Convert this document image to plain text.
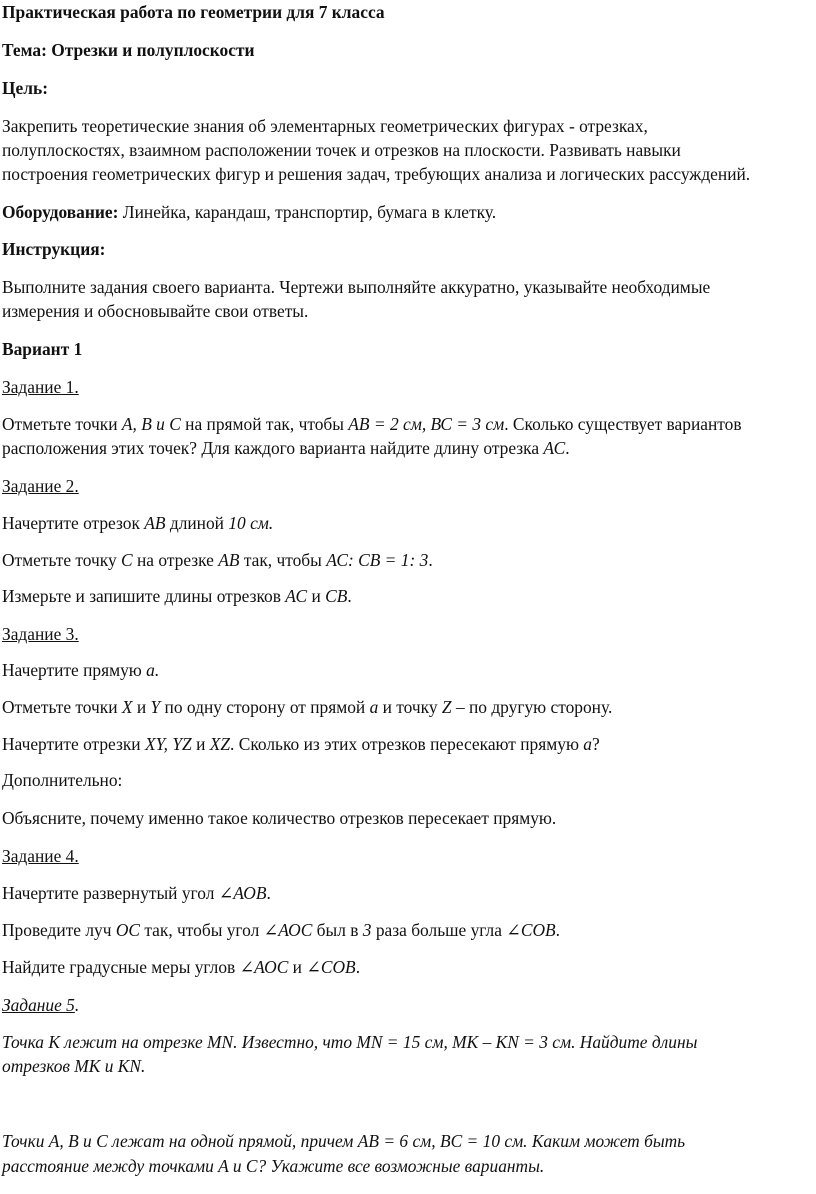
Практическая работа по геометрии для 7 класса
Тема: Отрезки и полуплоскости
Цель:
Закрепить теоретические знания об элементарных геометрических фигурах - отрезках,
полуплоскостях, взаимном расположении точек и отрезков на плоскости. Развивать навыки
построения геометрических фигур и решения задач, требующих анализа и логических рассуждений.
Оборудование: Линейка, карандаш, транспортир, бумага в клетку.
Инструкция:
Выполните задания своего варианта. Чертежи выполняйте аккуратно, указывайте необходимые
измерения и обосновывайте свои ответы.
Вариант 1
Задание 1.
Отметьте точки А, В и С на прямой так, чтобы АВ = 2 см, ВС = 3 см. Сколько существует вариантов
расположения этих точек? Для каждого варианта найдите длину отрезка АС.
Задание 2.
Начертите отрезок АВ длиной 10 см.
Отметьте точку С на отрезке АВ так, чтобы АС: СВ = 1: 3.
Измерьте и запишите длины отрезков АС и СВ.
Задание 3.
Начертите прямую a.
Отметьте точки X и Y по одну сторону от прямой a и точку Z – по другую сторону.
Начертите отрезки XY, YZ и XZ. Сколько из этих отрезков пересекают прямую a?
Дополнительно:
Объясните, почему именно такое количество отрезков пересекает прямую.
Задание 4.
Начертите развернутый угол ∠АОВ.
Проведите луч ОС так, чтобы угол ∠АОС был в 3 раза больше угла ∠СОВ.
Найдите градусные меры углов ∠АОС и ∠СОВ.
Задание 5.
Точка K лежит на отрезке MN. Известно, что MN = 15 см, MK – KN = 3 см. Найдите длины
отрезков MK и KN.
Точки A, B и C лежат на одной прямой, причем AB = 6 см, BC = 10 см. Каким может быть
расстояние между точками A и C? Укажите все возможные варианты.
